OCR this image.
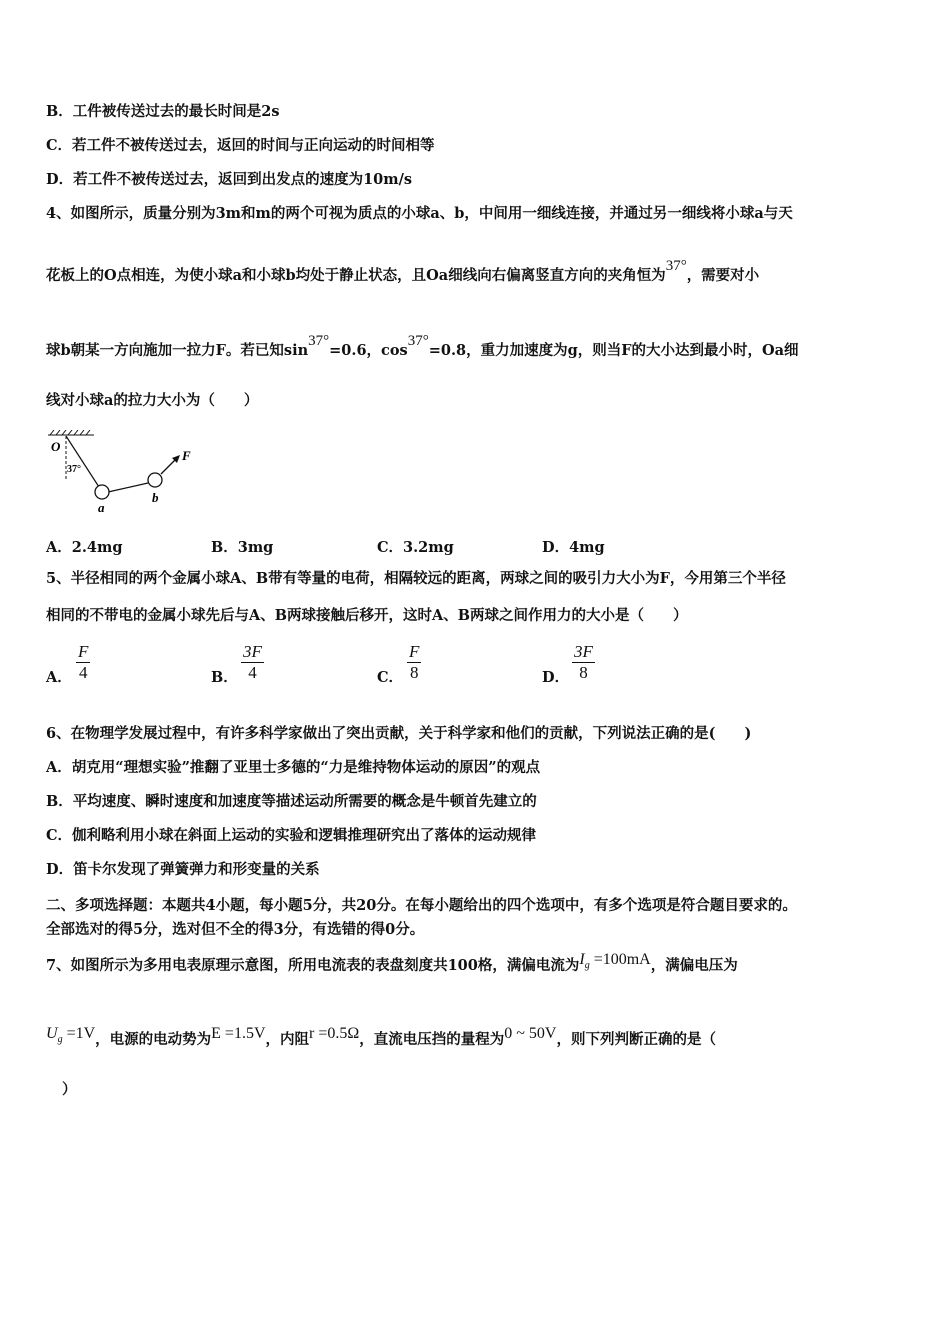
B．工件被传送过去的最长时间是2s
C．若工件不被传送过去，返回的时间与正向运动的时间相等
D．若工件不被传送过去，返回到出发点的速度为10m/s
4、如图所示，质量分别为3m和m的两个可视为质点的小球a、b，中间用一细线连接，并通过另一细线将小球a与天
花板上的O点相连，为使小球a和小球b均处于静止状态，且Oa细线向右偏离竖直方向的夹角恒为37°，需要对小
球b朝某一方向施加一拉力F。若已知sin37°=0.6，cos37°=0.8，重力加速度为g，则当F的大小达到最小时，Oa细
线对小球a的拉力大小为（　　）
O
37°
a
b
F
A．2.4mg	B．3mg	C．3.2mg	D．4mg
5、半径相同的两个金属小球A、B带有等量的电荷，相隔较远的距离，两球之间的吸引力大小为F，今用第三个半径
相同的不带电的金属小球先后与A、B两球接触后移开，这时A、B两球之间作用力的大小是（　　）
A． $\frac{F}{4}$	B． $\frac{3F}{4}$	C． $\frac{F}{8}$	D． $\frac{3F}{8}$
6、在物理学发展过程中，有许多科学家做出了突出贡献，关于科学家和他们的贡献，下列说法正确的是(　　)
A．胡克用“理想实验”推翻了亚里士多德的“力是维持物体运动的原因”的观点
B．平均速度、瞬时速度和加速度等描述运动所需要的概念是牛顿首先建立的
C．伽利略利用小球在斜面上运动的实验和逻辑推理研究出了落体的运动规律
D．笛卡尔发现了弹簧弹力和形变量的关系
二、多项选择题：本题共4小题，每小题5分，共20分。在每小题给出的四个选项中，有多个选项是符合题目要求的。
全部选对的得5分，选对但不全的得3分，有选错的得0分。
7、如图所示为多用电表原理示意图，所用电流表的表盘刻度共100格，满偏电流为$I_g =100mA$，满偏电压为
$U_g =1V$，电源的电动势为E =1.5V，内阻r =0.5Ω，直流电压挡的量程为0 ~ 50V，则下列判断正确的是（
）
